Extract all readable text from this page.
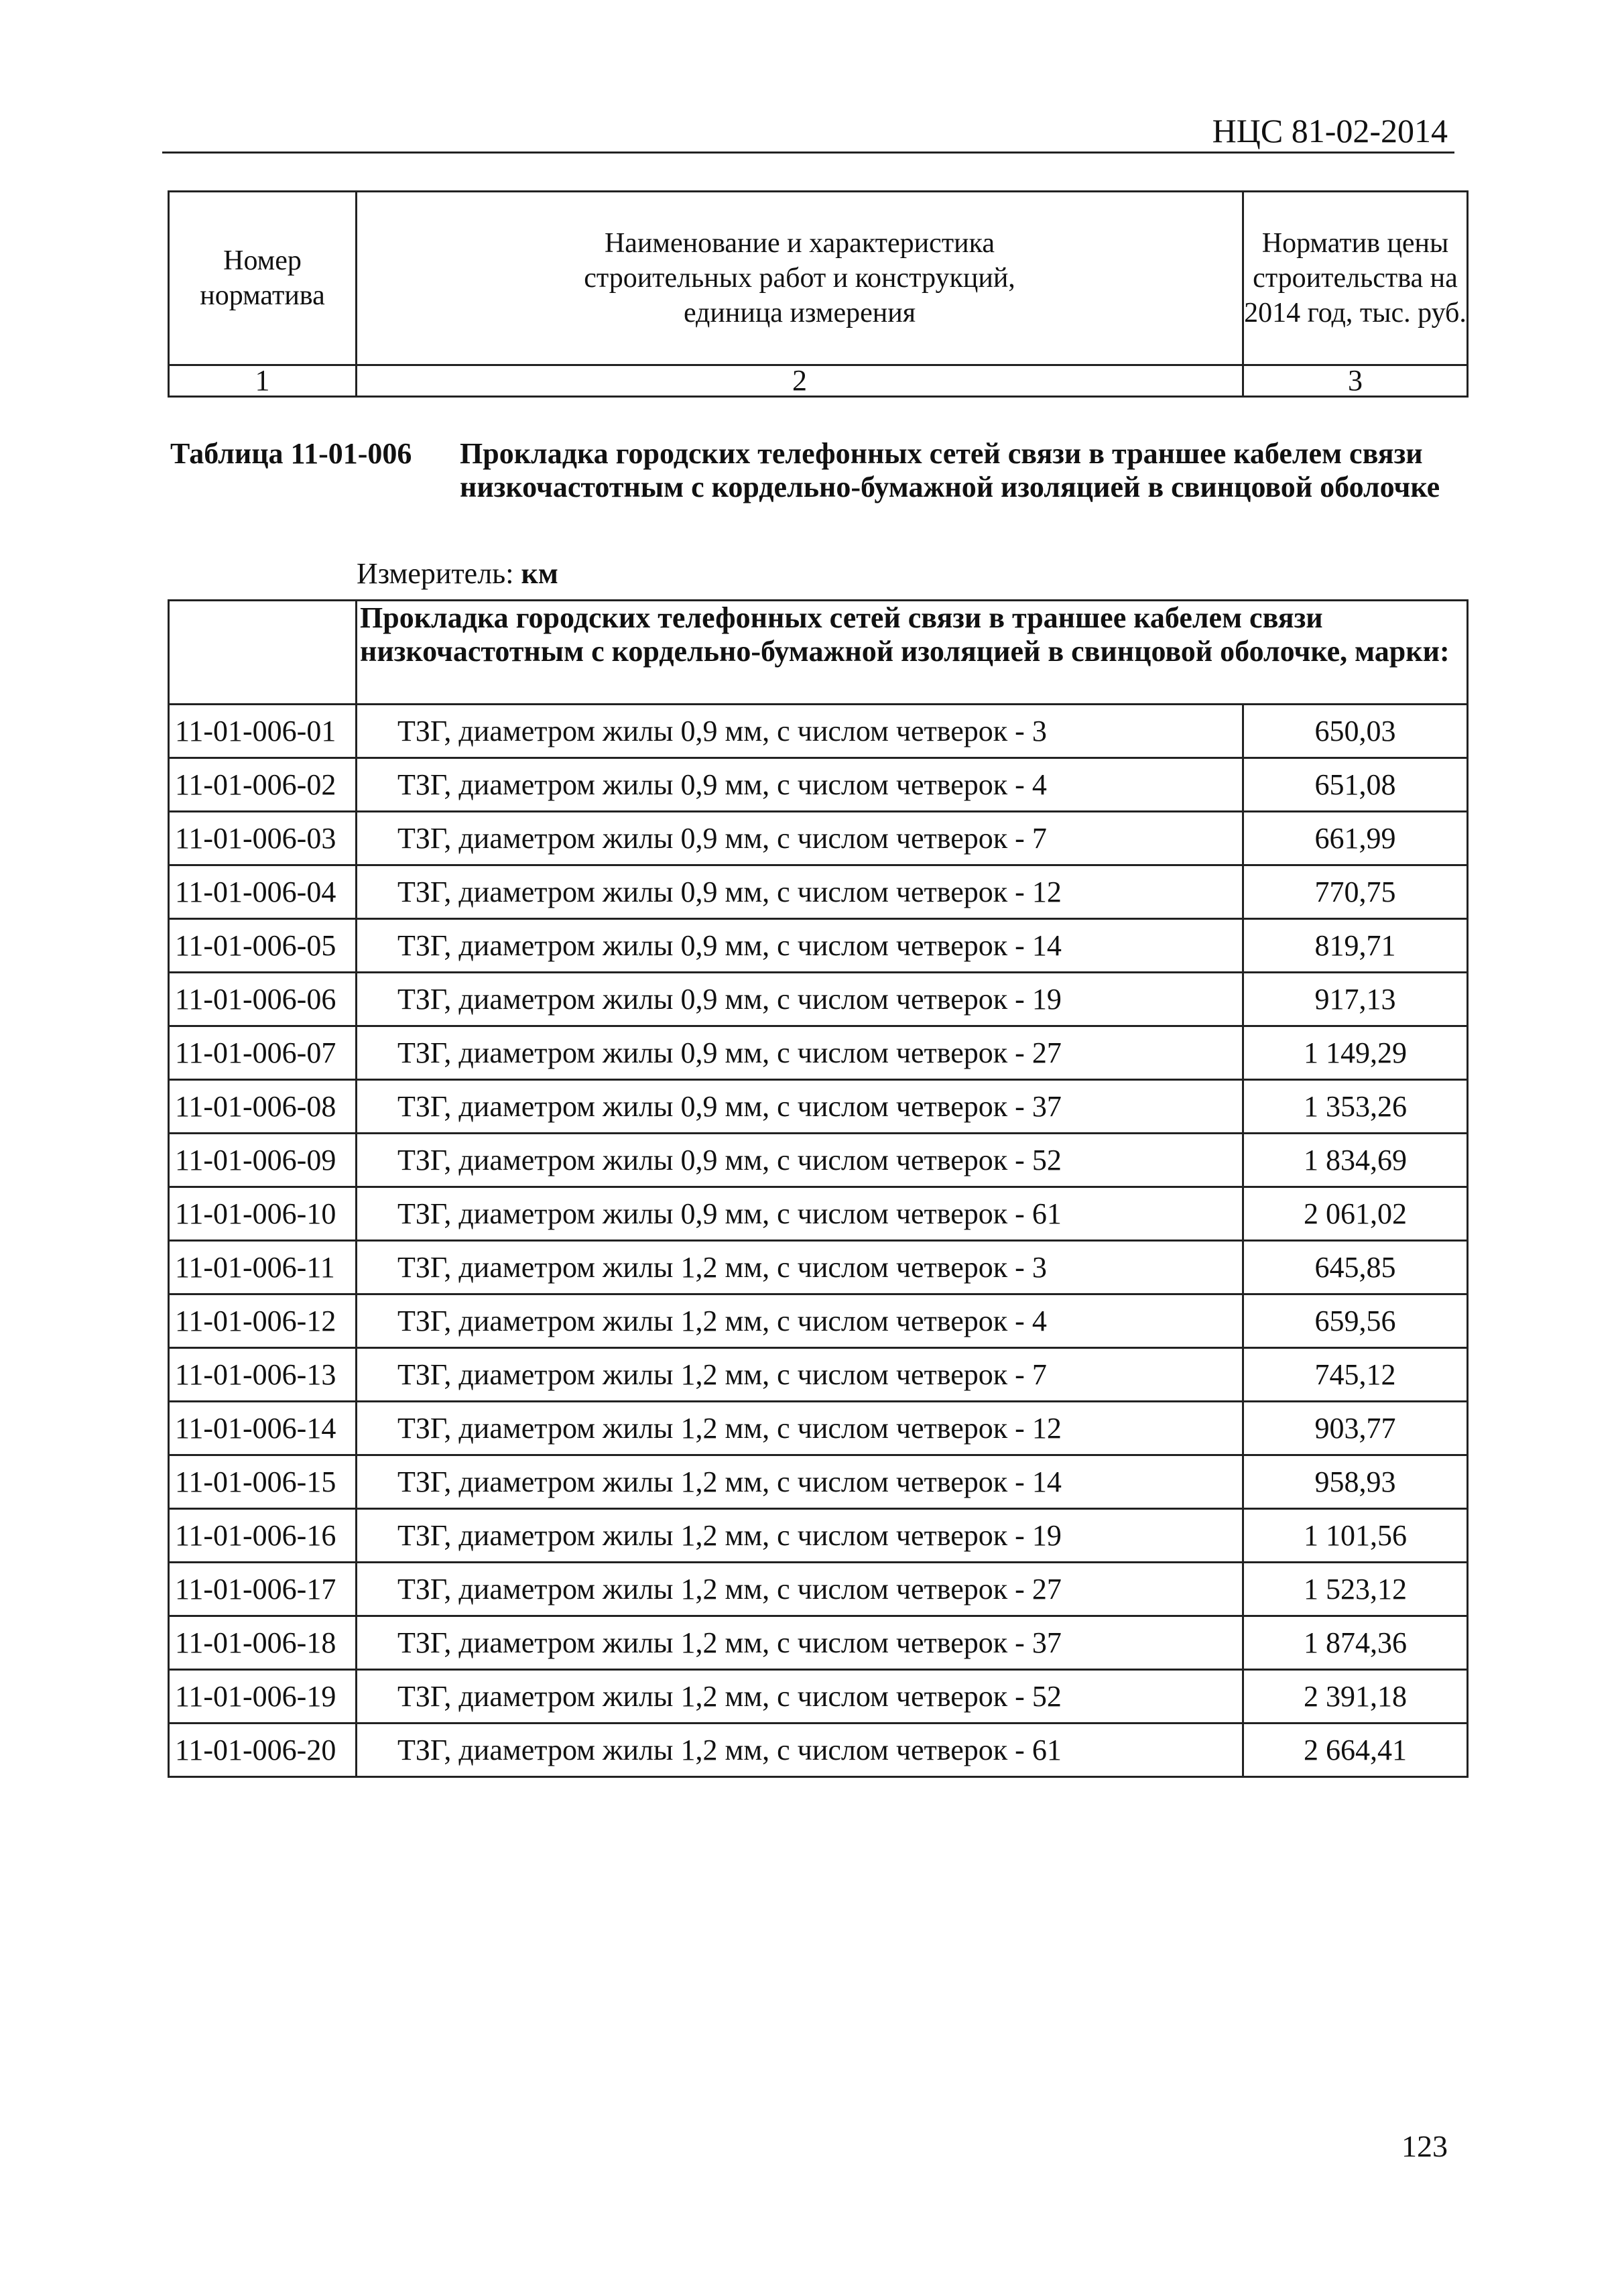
НЦС 81-02-2014
Номер норматива	Наименование и характеристика строительных работ и конструкций, единица измерения	Норматив цены строительства на 2014 год, тыс. руб.
1	2	3
Таблица 11-01-006 Прокладка городских телефонных сетей связи в траншее кабелем связи низкочастотным с кордельно-бумажной изоляцией в свинцовой оболочке
Измеритель: км

	Прокладка городских телефонных сетей связи в траншее кабелем связи низкочастотным с кордельно-бумажной изоляцией в свинцовой оболочке, марки:	

11-01-006-01	ТЗГ, диаметром жилы 0,9 мм, с числом четверок - 3	650,03
11-01-006-02	ТЗГ, диаметром жилы 0,9 мм, с числом четверок - 4	651,08
11-01-006-03	ТЗГ, диаметром жилы 0,9 мм, с числом четверок - 7	661,99
11-01-006-04	ТЗГ, диаметром жилы 0,9 мм, с числом четверок - 12	770,75
11-01-006-05	ТЗГ, диаметром жилы 0,9 мм, с числом четверок - 14	819,71
11-01-006-06	ТЗГ, диаметром жилы 0,9 мм, с числом четверок - 19	917,13
11-01-006-07	ТЗГ, диаметром жилы 0,9 мм, с числом четверок - 27	1 149,29
11-01-006-08	ТЗГ, диаметром жилы 0,9 мм, с числом четверок - 37	1 353,26
11-01-006-09	ТЗГ, диаметром жилы 0,9 мм, с числом четверок - 52	1 834,69
11-01-006-10	ТЗГ, диаметром жилы 0,9 мм, с числом четверок - 61	2 061,02
11-01-006-11	ТЗГ, диаметром жилы 1,2 мм, с числом четверок - 3	645,85
11-01-006-12	ТЗГ, диаметром жилы 1,2 мм, с числом четверок - 4	659,56
11-01-006-13	ТЗГ, диаметром жилы 1,2 мм, с числом четверок - 7	745,12
11-01-006-14	ТЗГ, диаметром жилы 1,2 мм, с числом четверок - 12	903,77
11-01-006-15	ТЗГ, диаметром жилы 1,2 мм, с числом четверок - 14	958,93
11-01-006-16	ТЗГ, диаметром жилы 1,2 мм, с числом четверок - 19	1 101,56
11-01-006-17	ТЗГ, диаметром жилы 1,2 мм, с числом четверок - 27	1 523,12
11-01-006-18	ТЗГ, диаметром жилы 1,2 мм, с числом четверок - 37	1 874,36
11-01-006-19	ТЗГ, диаметром жилы 1,2 мм, с числом четверок - 52	2 391,18
11-01-006-20	ТЗГ, диаметром жилы 1,2 мм, с числом четверок - 61	2 664,41
123
